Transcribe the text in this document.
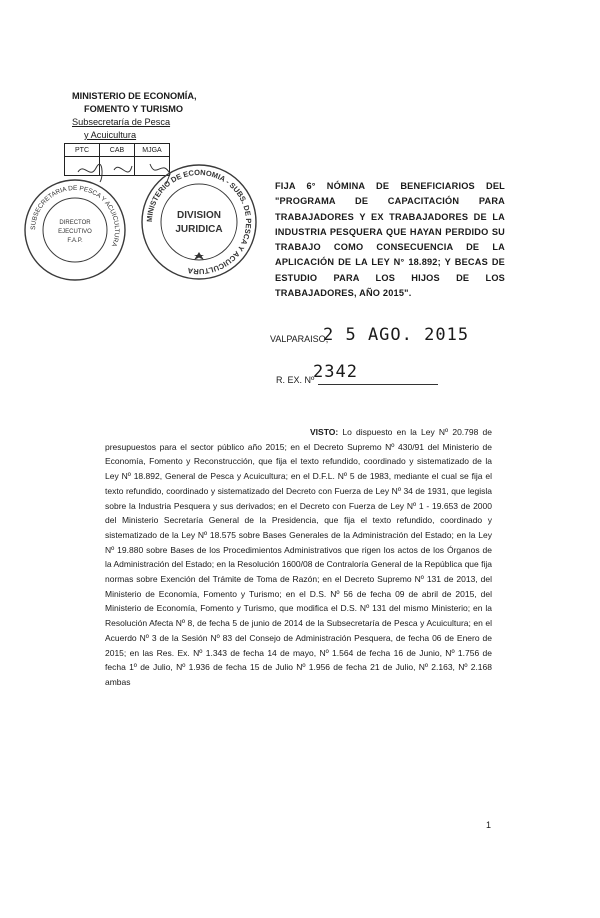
MINISTERIO DE ECONOMÍA,
FOMENTO Y TURISMO
Subsecretaría de Pesca
y Acuicultura
PTC	CAB	MJGA

SUBSECRETARIA DE PESCA Y ACUICULTURA
DIRECTOR
EJECUTIVO
F.A.P.
MINISTERIO DE ECONOMIA - SUBS. DE PESCA Y ACUICULTURA
DIVISION
JURIDICA
FIJA 6° NÓMINA DE BENEFICIARIOS DEL "PROGRAMA DE CAPACITACIÓN PARA TRABAJADORES Y EX TRABAJADORES DE LA INDUSTRIA PESQUERA QUE HAYAN PERDIDO SU TRABAJO COMO CONSECUENCIA DE LA APLICACIÓN DE LA LEY N° 18.892; Y BECAS DE ESTUDIO PARA LOS HIJOS DE LOS TRABAJADORES, AÑO 2015".
VALPARAISO,
2 5 AGO. 2015
R. EX. Nº
2342
VISTO: Lo dispuesto en la Ley Nº 20.798 de presupuestos para el sector público año 2015; en el Decreto Supremo Nº 430/91 del Ministerio de Economía, Fomento y Reconstrucción, que fija el texto refundido, coordinado y sistematizado de la Ley Nº 18.892, General de Pesca y Acuicultura; en el D.F.L. Nº 5 de 1983, mediante el cual se fija el texto refundido, coordinado y sistematizado del Decreto con Fuerza de Ley Nº 34 de 1931, que legisla sobre la Industria Pesquera y sus derivados; en el Decreto con Fuerza de Ley Nº 1 - 19.653 de 2000 del Ministerio Secretaría General de la Presidencia, que fija el texto refundido, coordinado y sistematizado de la Ley Nº 18.575 sobre Bases Generales de la Administración del Estado; en la Ley Nº 19.880 sobre Bases de los Procedimientos Administrativos que rigen los actos de los Órganos de la Administración del Estado; en la Resolución 1600/08 de Contraloría General de la República que fija normas sobre Exención del Trámite de Toma de Razón; en el Decreto Supremo Nº 131 de 2013, del Ministerio de Economía, Fomento y Turismo; en el D.S. Nº 56 de fecha 09 de abril de 2015, del Ministerio de Economía, Fomento y Turismo, que modifica el D.S. Nº 131 del mismo Ministerio; en la Resolución Afecta Nº 8, de fecha 5 de junio de 2014 de la Subsecretaría de Pesca y Acuicultura; en el Acuerdo Nº 3 de la Sesión Nº 83 del Consejo de Administración Pesquera, de fecha 06 de Enero de 2015; en las Res. Ex. Nº 1.343 de fecha 14 de mayo, Nº 1.564 de fecha 16 de Junio, Nº 1.756 de fecha 1º de Julio, Nº 1.936 de fecha 15 de Julio Nº 1.956 de fecha 21 de Julio, Nº 2.163, Nº 2.168 ambas
1
